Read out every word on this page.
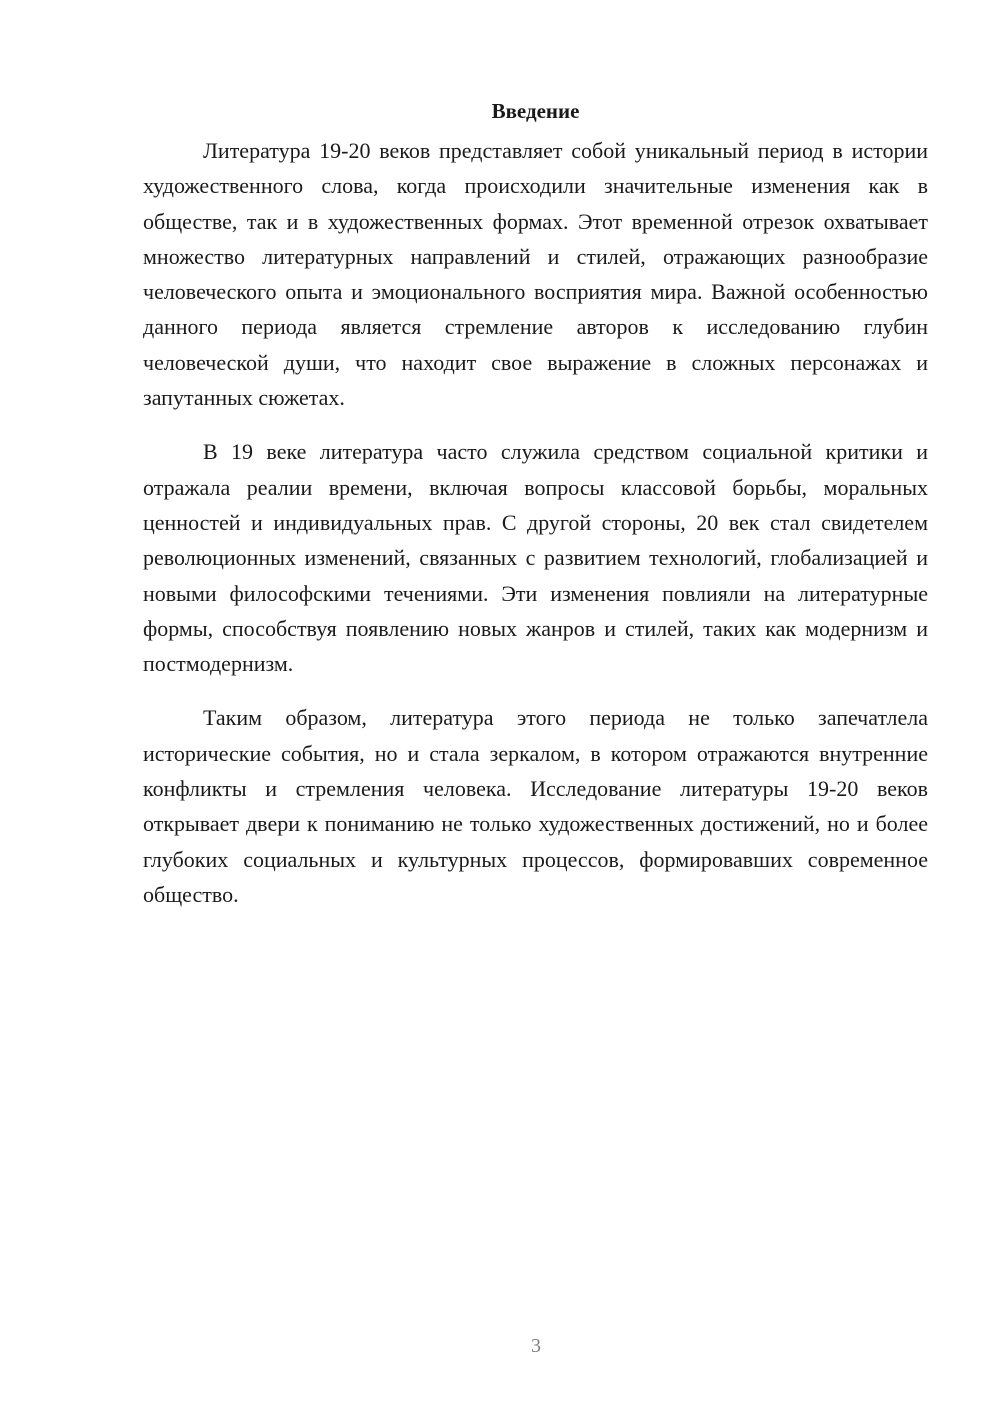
Введение

Литература 19-20 веков представляет собой уникальный период в истории художественного слова, когда происходили значительные изменения как в обществе, так и в художественных формах. Этот временной отрезок охватывает множество литературных направлений и стилей, отражающих разнообразие человеческого опыта и эмоционального восприятия мира. Важной особенностью данного периода является стремление авторов к исследованию глубин человеческой души, что находит свое выражение в сложных персонажах и запутанных сюжетах.

В 19 веке литература часто служила средством социальной критики и отражала реалии времени, включая вопросы классовой борьбы, моральных ценностей и индивидуальных прав. С другой стороны, 20 век стал свидетелем революционных изменений, связанных с развитием технологий, глобализацией и новыми философскими течениями. Эти изменения повлияли на литературные формы, способствуя появлению новых жанров и стилей, таких как модернизм и постмодернизм.

Таким образом, литература этого периода не только запечатлела исторические события, но и стала зеркалом, в котором отражаются внутренние конфликты и стремления человека. Исследование литературы 19-20 веков открывает двери к пониманию не только художественных достижений, но и более глубоких социальных и культурных процессов, формировавших современное общество.

3
